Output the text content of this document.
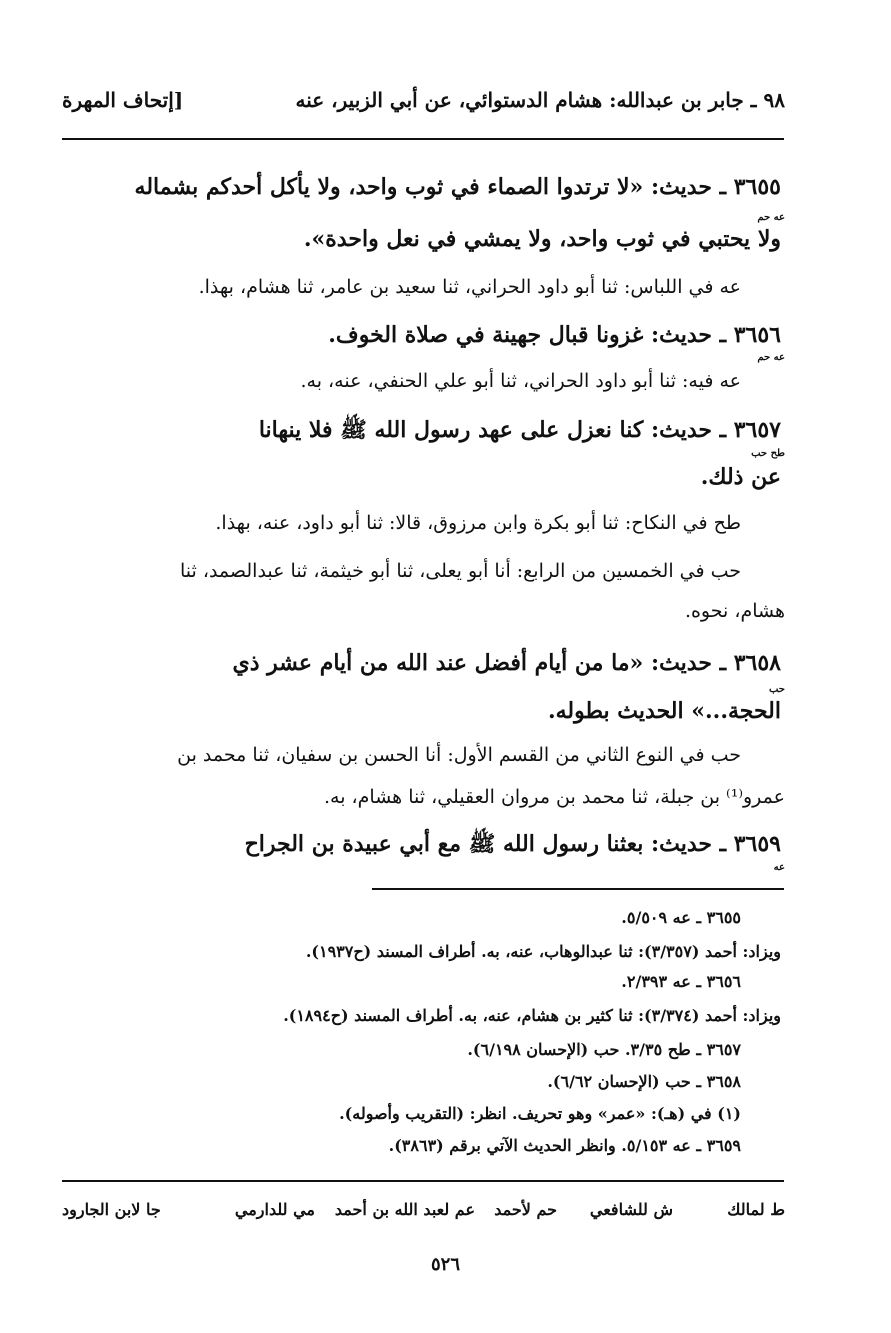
٩٨ ـ جابر بن عبدالله: هشام الدستوائي، عن أبي الزبير، عنه
[إتحاف المهرة
٣٦٥٥ ـ حديث: «لا ترتدوا الصماء في ثوب واحد، ولا يأكل أحدكم بشماله
عه حم
ولا يحتبي في ثوب واحد، ولا يمشي في نعل واحدة».
عه في اللباس: ثنا أبو داود الحراني، ثنا سعيد بن عامر، ثنا هشام، بهذا.
٣٦٥٦ ـ حديث: غزونا قبال جهينة في صلاة الخوف.
عه حم
عه فيه: ثنا أبو داود الحراني، ثنا أبو علي الحنفي، عنه، به.
٣٦٥٧ ـ حديث: كنا نعزل على عهد رسول الله ﷺ فلا ينهانا
طح حب
عن ذلك.
طح في النكاح: ثنا أبو بكرة وابن مرزوق، قالا: ثنا أبو داود، عنه، بهذا.
حب في الخمسين من الرابع: أنا أبو يعلى، ثنا أبو خيثمة، ثنا عبدالصمد، ثنا
هشام، نحوه.
٣٦٥٨ ـ حديث: «ما من أيام أفضل عند الله من أيام عشر ذي
حب
الحجة...» الحديث بطوله.
حب في النوع الثاني من القسم الأول: أنا الحسن بن سفيان، ثنا محمد بن
عمرو⁽¹⁾ بن جبلة، ثنا محمد بن مروان العقيلي، ثنا هشام، به.
٣٦٥٩ ـ حديث: بعثنا رسول الله ﷺ مع أبي عبيدة بن الجراح
عه
٣٦٥٥ ـ عه ٥/٥٠٩.
ويزاد: أحمد (٣/٣٥٧): ثنا عبدالوهاب، عنه، به. أطراف المسند (ح١٩٣٧).
٣٦٥٦ ـ عه ٢/٣٩٣.
ويزاد: أحمد (٣/٣٧٤): ثنا كثير بن هشام، عنه، به. أطراف المسند (ح١٨٩٤).
٣٦٥٧ ـ طح ٣/٣٥. حب (الإحسان ٦/١٩٨).
٣٦٥٨ ـ حب (الإحسان ٦/٦٢).
(١) في (هـ): «عمر» وهو تحريف. انظر: (التقريب وأصوله).
٣٦٥٩ ـ عه ٥/١٥٣. وانظر الحديث الآتي برقم (٣٨٦٣).
ط لمالك
ش للشافعي
حم لأحمد
عم لعبد الله بن أحمد
مي للدارمي
جا لابن الجارود
٥٢٦
